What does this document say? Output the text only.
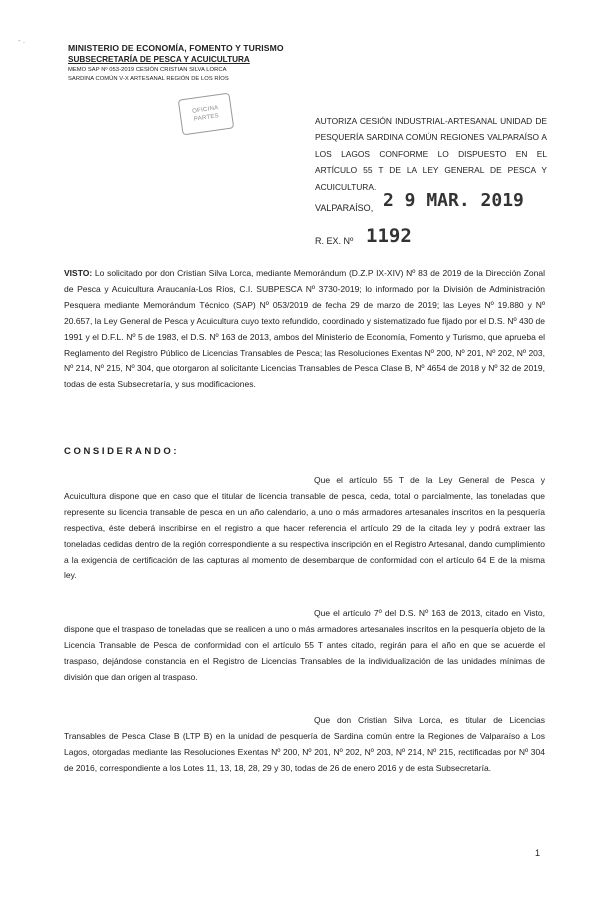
- .
MINISTERIO DE ECONOMÍA, FOMENTO Y TURISMO
SUBSECRETARÍA DE PESCA Y ACUICULTURA
MEMO SAP Nº 053-2019 CESIÓN CRISTIAN SILVA LORCA
SARDINA COMÚN V-X ARTESANAL REGIÓN DE LOS RÍOS
OFICINA
PARTES	AUTORIZA CESIÓN INDUSTRIAL-ARTESANAL UNIDAD DE PESQUERÍA SARDINA COMÚN REGIONES VALPARAÍSO A LOS LAGOS CONFORME LO DISPUESTO EN EL ARTÍCULO 55 T DE LA LEY GENERAL DE PESCA Y ACUICULTURA.
VALPARAÍSO, 2 9 MAR. 2019
R. EX. Nº 1192
VISTO: Lo solicitado por don Cristian Silva Lorca, mediante Memorándum (D.Z.P IX-XIV) Nº 83 de 2019 de la Dirección Zonal de Pesca y Acuicultura Araucanía-Los Ríos, C.I. SUBPESCA Nº 3730-2019; lo informado por la División de Administración Pesquera mediante Memorándum Técnico (SAP) Nº 053/2019 de fecha 29 de marzo de 2019; las Leyes Nº 19.880 y Nº 20.657, la Ley General de Pesca y Acuicultura cuyo texto refundido, coordinado y sistematizado fue fijado por el D.S. Nº 430 de 1991 y el D.F.L. Nº 5 de 1983, el D.S. Nº 163 de 2013, ambos del Ministerio de Economía, Fomento y Turismo, que aprueba el Reglamento del Registro Público de Licencias Transables de Pesca; las Resoluciones Exentas Nº 200, Nº 201, Nº 202, Nº 203, Nº 214, Nº 215, Nº 304, que otorgaron al solicitante Licencias Transables de Pesca Clase B, Nº 4654 de 2018 y Nº 32 de 2019, todas de esta Subsecretaría, y sus modificaciones.
CONSIDERANDO:
Que el artículo 55 T de la Ley General de Pesca y Acuicultura dispone que en caso que el titular de licencia transable de pesca, ceda, total o parcialmente, las toneladas que represente su licencia transable de pesca en un año calendario, a uno o más armadores artesanales inscritos en la pesquería respectiva, éste deberá inscribirse en el registro a que hacer referencia el artículo 29 de la citada ley y podrá extraer las toneladas cedidas dentro de la región correspondiente a su respectiva inscripción en el Registro Artesanal, dando cumplimiento a la exigencia de certificación de las capturas al momento de desembarque de conformidad con el artículo 64 E de la misma ley.
Que el artículo 7º del D.S. Nº 163 de 2013, citado en Visto, dispone que el traspaso de toneladas que se realicen a uno o más armadores artesanales inscritos en la pesquería objeto de la Licencia Transable de Pesca de conformidad con el artículo 55 T antes citado, regirán para el año en que se acuerde el traspaso, dejándose constancia en el Registro de Licencias Transables de la individualización de las unidades mínimas de división que dan origen al traspaso.
Que don Cristian Silva Lorca, es titular de Licencias Transables de Pesca Clase B (LTP B) en la unidad de pesquería de Sardina común entre la Regiones de Valparaíso a Los Lagos, otorgadas mediante las Resoluciones Exentas Nº 200, Nº 201, Nº 202, Nº 203, Nº 214, Nº 215, rectificadas por Nº 304 de 2016, correspondiente a los Lotes 11, 13, 18, 28, 29 y 30, todas de 26 de enero 2016 y de esta Subsecretaría.
1
